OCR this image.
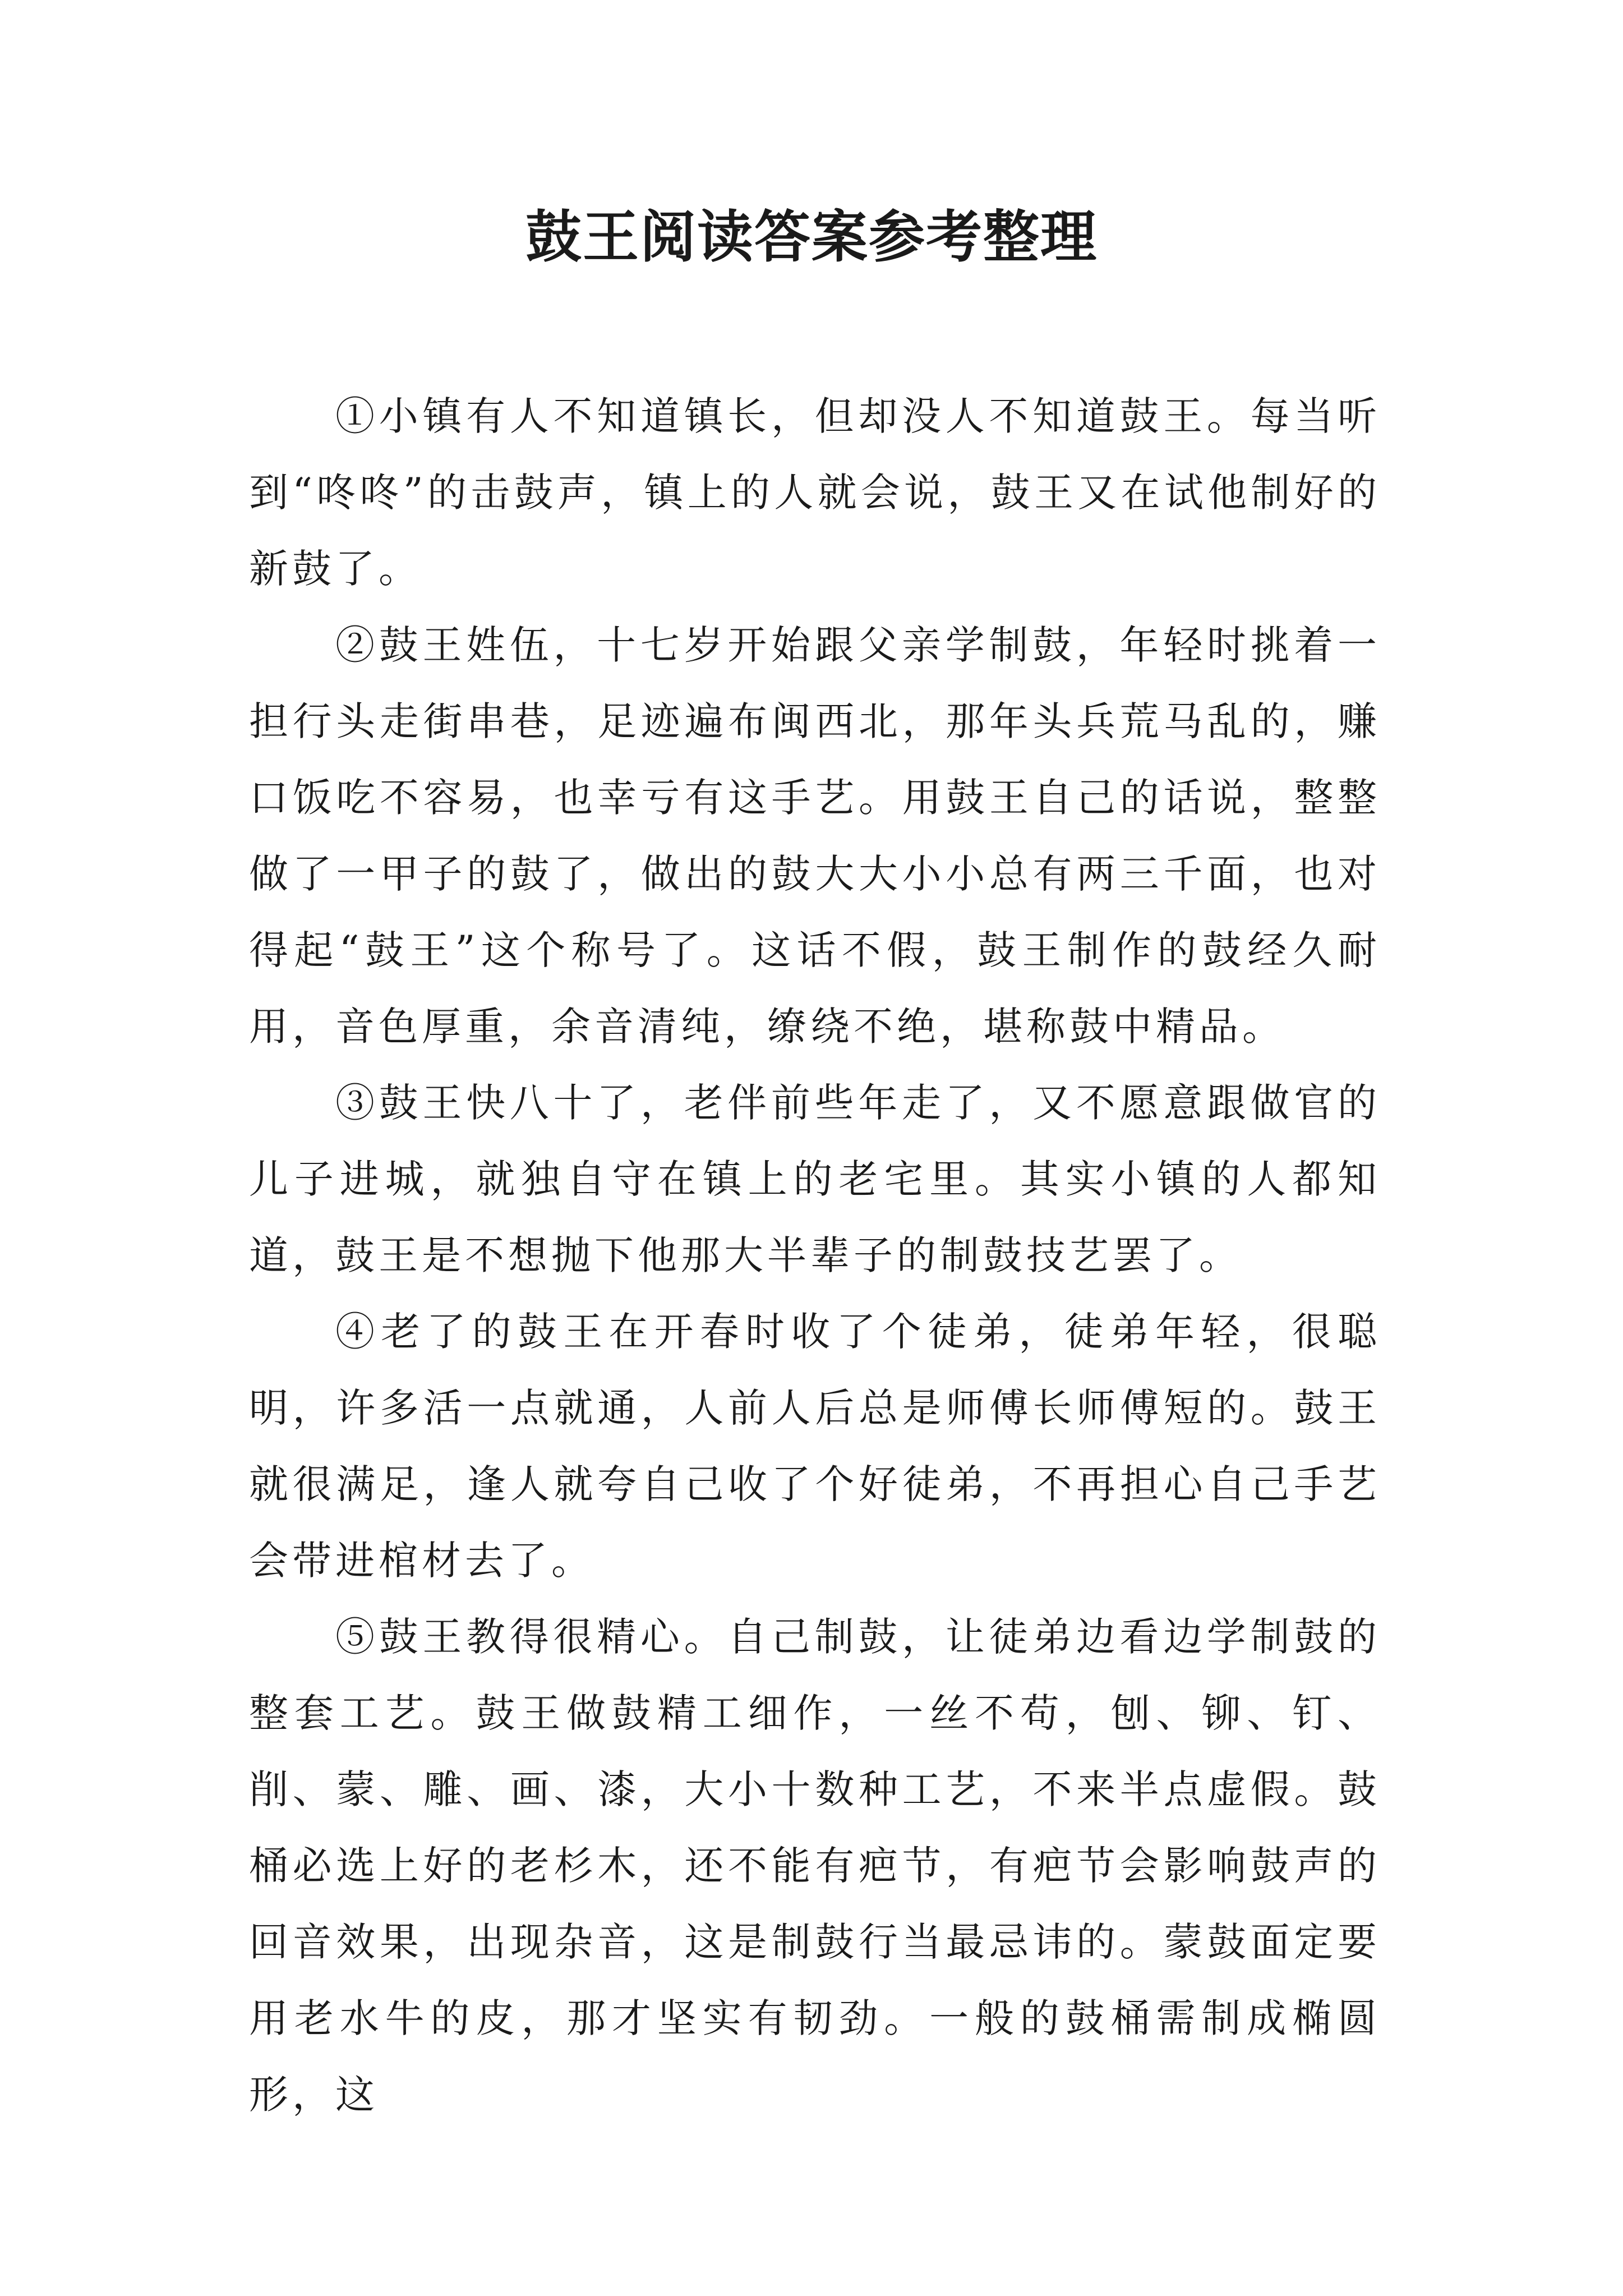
鼓王阅读答案参考整理

①小镇有人不知道镇长，但却没人不知道鼓王。每当听到“咚咚”的击鼓声，镇上的人就会说，鼓王又在试他制好的新鼓了。

②鼓王姓伍，十七岁开始跟父亲学制鼓，年轻时挑着一担行头走街串巷，足迹遍布闽西北，那年头兵荒马乱的，赚口饭吃不容易，也幸亏有这手艺。用鼓王自己的话说，整整做了一甲子的鼓了，做出的鼓大大小小总有两三千面，也对得起“鼓王”这个称号了。这话不假，鼓王制作的鼓经久耐用，音色厚重，余音清纯，缭绕不绝，堪称鼓中精品。

③鼓王快八十了，老伴前些年走了，又不愿意跟做官的儿子进城，就独自守在镇上的老宅里。其实小镇的人都知道，鼓王是不想抛下他那大半辈子的制鼓技艺罢了。

④老了的鼓王在开春时收了个徒弟，徒弟年轻，很聪明，许多活一点就通，人前人后总是师傅长师傅短的。鼓王就很满足，逢人就夸自己收了个好徒弟，不再担心自己手艺会带进棺材去了。

⑤鼓王教得很精心。自己制鼓，让徒弟边看边学制鼓的整套工艺。鼓王做鼓精工细作，一丝不苟，刨、铆、钉、削、蒙、雕、画、漆，大小十数种工艺，不来半点虚假。鼓桶必选上好的老杉木，还不能有疤节，有疤节会影响鼓声的回音效果，出现杂音，这是制鼓行当最忌讳的。蒙鼓面定要用老水牛的皮，那才坚实有韧劲。一般的鼓桶需制成椭圆形，这
